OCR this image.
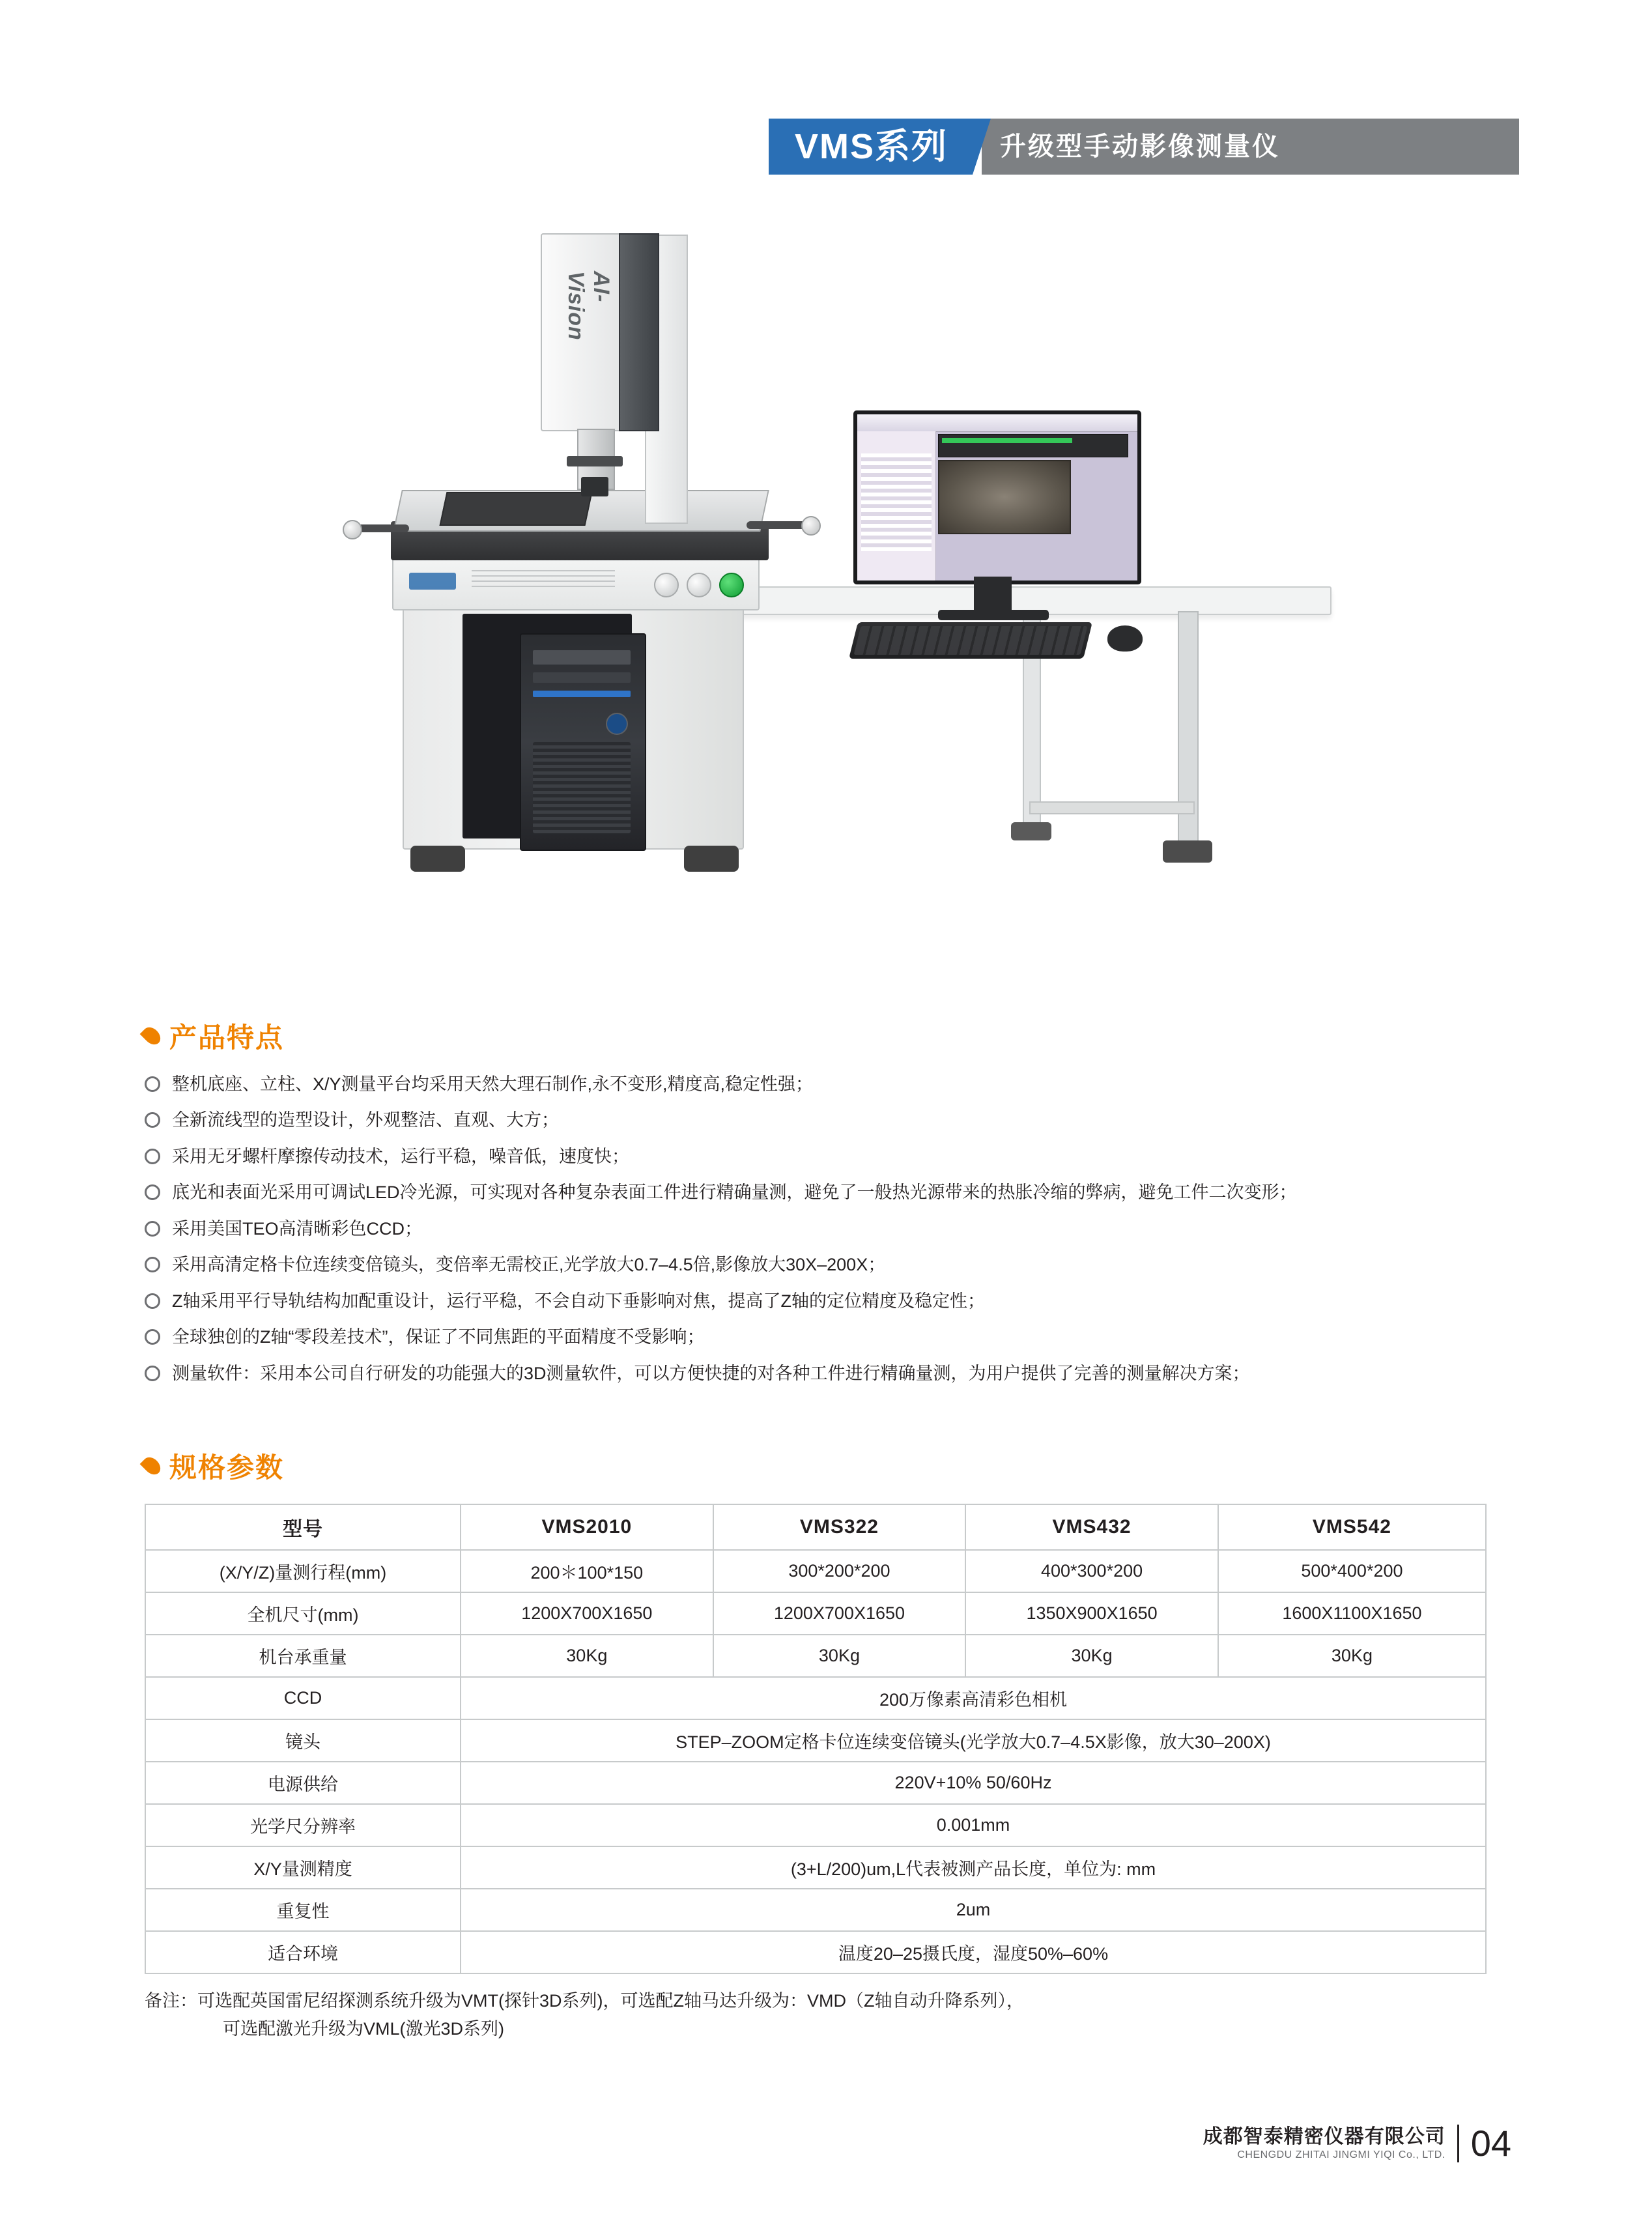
VMS系列	升级型手动影像测量仪
AI-Vision
产品特点
整机底座、立柱、X/Y测量平台均采用天然大理石制作,永不变形,精度高,稳定性强；
全新流线型的造型设计，外观整洁、直观、大方；
采用无牙螺杆摩擦传动技术，运行平稳，噪音低，速度快；
底光和表面光采用可调试LED冷光源，可实现对各种复杂表面工件进行精确量测，避免了一般热光源带来的热胀冷缩的弊病，避免工件二次变形；
采用美国TEO高清晰彩色CCD；
采用高清定格卡位连续变倍镜头，变倍率无需校正,光学放大0.7–4.5倍,影像放大30X–200X；
Z轴采用平行导轨结构加配重设计，运行平稳，不会自动下垂影响对焦，提高了Z轴的定位精度及稳定性；
全球独创的Z轴“零段差技术”，保证了不同焦距的平面精度不受影响；
测量软件：采用本公司自行研发的功能强大的3D测量软件，可以方便快捷的对各种工件进行精确量测，为用户提供了完善的测量解决方案；
规格参数
型号	VMS2010	VMS322	VMS432	VMS542
(X/Y/Z)量测行程(mm)	200＊100*150	300*200*200	400*300*200	500*400*200
全机尺寸(mm)	1200X700X1650	1200X700X1650	1350X900X1650	1600X1100X1650
机台承重量	30Kg	30Kg	30Kg	30Kg
CCD	200万像素高清彩色相机			
镜头	STEP–ZOOM定格卡位连续变倍镜头(光学放大0.7–4.5X影像，放大30–200X)			
电源供给	220V+10% 50/60Hz			
光学尺分辨率	0.001mm			
X/Y量测精度	(3+L/200)um,L代表被测产品长度，单位为: mm			
重复性	2um			
适合环境	温度20–25摄氏度，湿度50%–60%			
备注：可选配英国雷尼绍探测系统升级为VMT(探针3D系列)，可选配Z轴马达升级为：VMD（Z轴自动升降系列），
可选配激光升级为VML(激光3D系列)
成都智泰精密仪器有限公司
CHENGDU ZHITAI JINGMI YIQI Co., LTD. 04
